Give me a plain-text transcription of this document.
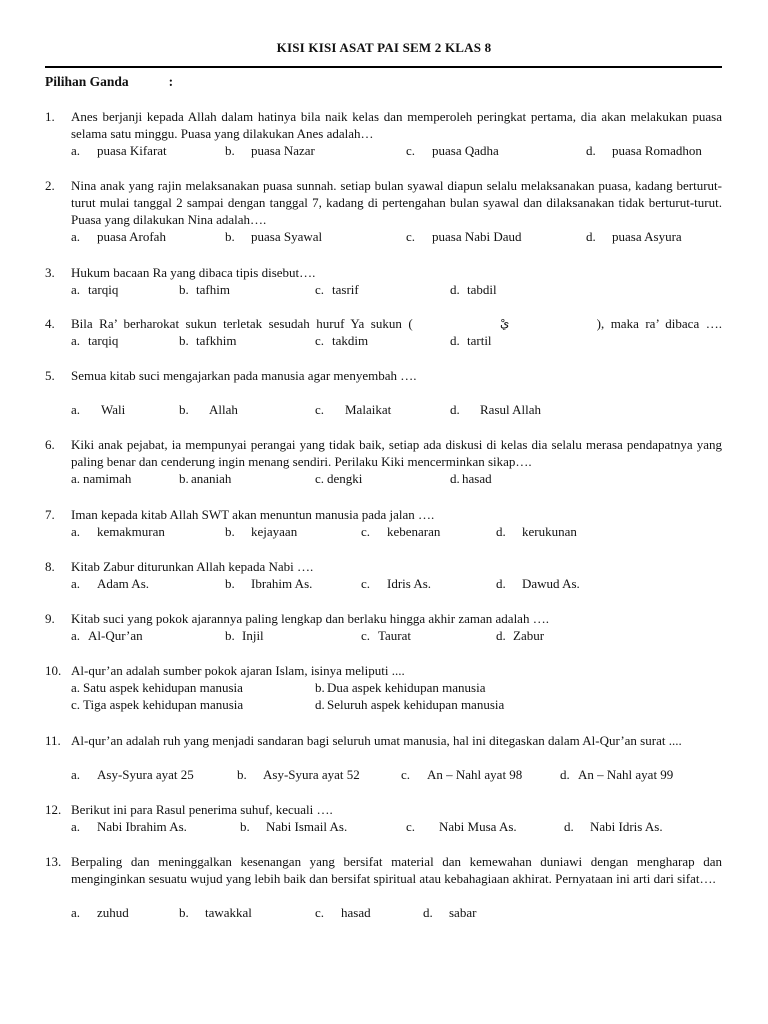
KISI KISI ASAT PAI SEM 2 KLAS 8
Pilihan Ganda	:
1.	Anes berjanji kepada Allah dalam hatinya bila naik kelas dan memperoleh peringkat pertama, dia akan melakukan puasa selama satu minggu. Puasa yang dilakukan Anes adalah…
a. puasa Kifarat	b. puasa Nazar	c. puasa Qadha	d. puasa Romadhon
2.	Nina anak yang rajin melaksanakan puasa sunnah. setiap bulan syawal diapun selalu melaksanakan puasa, kadang berturut-turut mulai tanggal 2 sampai dengan tanggal 7, kadang di pertengahan bulan syawal dan dilaksanakan tidak berturut-turut. Puasa yang dilakukan Nina adalah….
a. puasa Arofah	b. puasa Syawal	c. puasa Nabi Daud	d. puasa Asyura
3.	Hukum bacaan Ra yang dibaca tipis disebut….
a. tarqiq	b. tafhim	c. tasrif	d. tabdil
4.	Bila  Ra’  berharokat  sukun  terletak  sesudah  huruf  Ya  sukun  (	يْ	),  maka  ra’  dibaca  ….
a. tarqiq	b. tafkhim	c. takdim	d. tartil
5.	Semua kitab suci mengajarkan pada manusia agar menyembah ….
a. Wali	b. Allah	c. Malaikat	d. Rasul Allah
6.	Kiki anak pejabat, ia mempunyai perangai yang tidak baik, setiap ada diskusi di kelas dia selalu merasa pendapatnya yang paling benar dan cenderung ingin menang sendiri. Perilaku Kiki mencerminkan sikap….
a. namimah	b. ananiah	c. dengki	d. hasad
7.	Iman kepada kitab Allah SWT akan menuntun manusia pada jalan ….
a. kemakmuran	b. kejayaan	c. kebenaran	d. kerukunan
8.	Kitab Zabur diturunkan Allah kepada Nabi ….
a. Adam As.	b. Ibrahim As.	c. Idris As.	d. Dawud As.
9.	Kitab suci yang pokok ajarannya paling lengkap dan berlaku hingga akhir zaman adalah ….
a. Al-Qur’an	b. Injil	c. Taurat	d. Zabur
10. Al-qur’an adalah sumber pokok ajaran Islam, isinya meliputi ....
a. Satu aspek kehidupan manusia	b. Dua aspek kehidupan manusia
c. Tiga aspek kehidupan manusia	d. Seluruh aspek kehidupan manusia
11. Al-qur’an adalah ruh yang menjadi sandaran bagi seluruh umat manusia, hal ini ditegaskan dalam Al-Qur’an surat ....
a. Asy-Syura ayat 25	b. Asy-Syura ayat 52	c. An – Nahl ayat 98	d. An – Nahl ayat 99
12. Berikut ini para Rasul penerima suhuf, kecuali ….
a. Nabi Ibrahim As.	b. Nabi Ismail As.	c. Nabi Musa As.	d. Nabi Idris As.
13. Berpaling dan meninggalkan kesenangan yang bersifat material dan kemewahan duniawi dengan mengharap dan menginginkan sesuatu wujud yang lebih baik dan bersifat spiritual atau kebahagiaan akhirat. Pernyataan ini arti dari sifat….
a. zuhud	b. tawakkal	c. hasad	d. sabar
